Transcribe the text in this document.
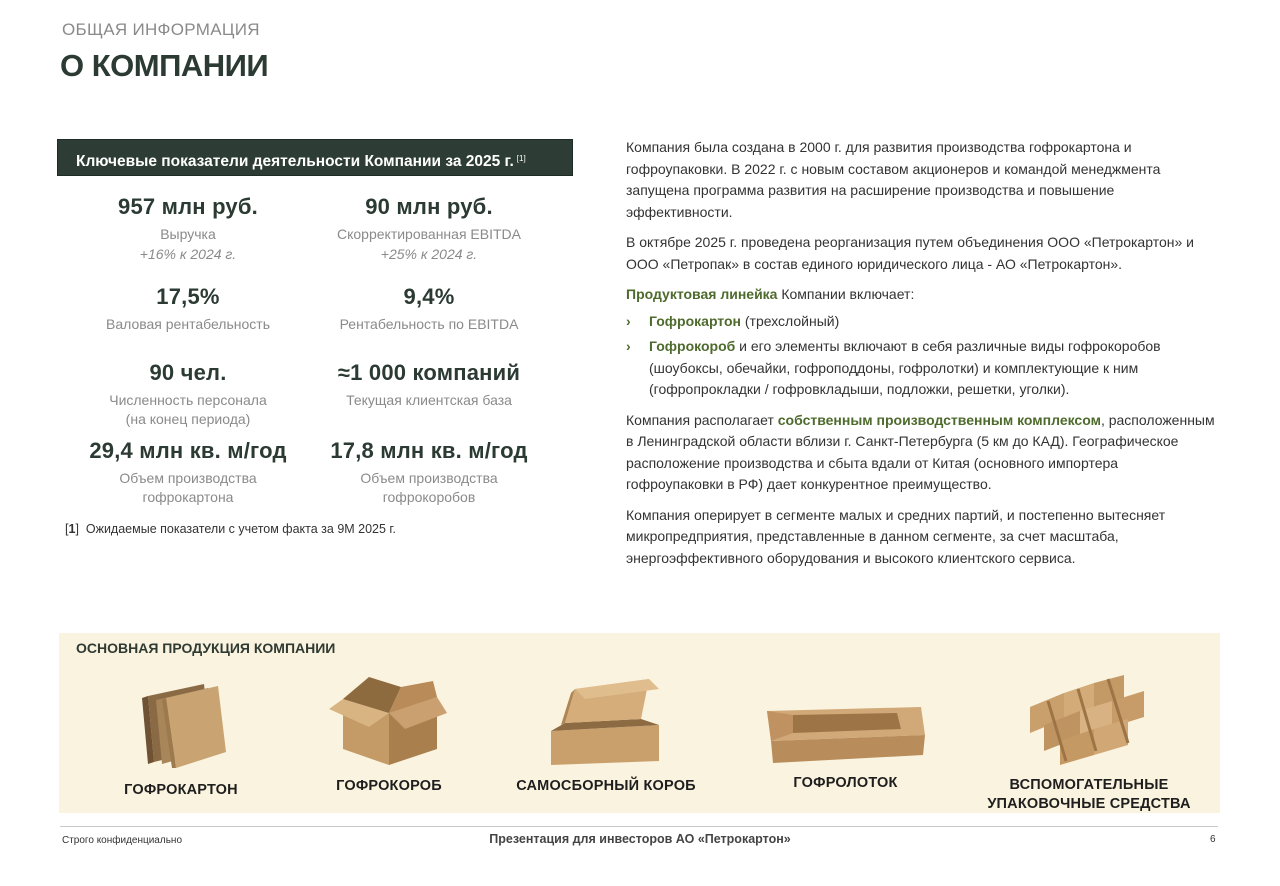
ОБЩАЯ ИНФОРМАЦИЯ
О КОМПАНИИ
Ключевые показатели деятельности Компании за 2025 г. [1]
957 млн руб.
Выручка
+16% к 2024 г.
90 млн руб.
Скорректированная EBITDA
+25% к 2024 г.
17,5%
Валовая рентабельность
9,4%
Рентабельность по EBITDA
90 чел.
Численность персонала
(на конец периода)
≈1 000 компаний
Текущая клиентская база
29,4 млн кв. м/год
Объем производства
гофрокартона
17,8 млн кв. м/год
Объем производства
гофрокоробов
[1]  Ожидаемые показатели с учетом факта за 9М 2025 г.

Компания была создана в 2000 г. для развития производства гофрокартона и гофроупаковки. В 2022 г. с новым составом акционеров и командой менеджмента запущена программа развития на расширение производства и повышение эффективности.

В октябре 2025 г. проведена реорганизация путем объединения ООО «Петрокартон» и ООО «Петропак» в состав единого юридического лица - АО «Петрокартон».

Продуктовая линейка Компании включает:

›	Гофрокартон (трехслойный)
›	Гофрокороб и его элементы включают в себя различные виды гофрокоробов (шоубоксы, обечайки, гофроподдоны, гофролотки) и комплектующие к ним (гофропрокладки / гофровкладыши, подложки, решетки, уголки).

Компания располагает собственным производственным комплексом, расположенным в Ленинградской области вблизи г. Санкт-Петербурга (5 км до КАД). Географическое расположение производства и сбыта вдали от Китая (основного импортера гофроупаковки в РФ) дает конкурентное преимущество.

Компания оперирует в сегменте малых и средних партий, и постепенно вытесняет микропредприятия, представленные в данном сегменте, за счет масштаба, энергоэффективного оборудования и высокого клиентского сервиса.

ОСНОВНАЯ ПРОДУКЦИЯ КОМПАНИИ
ГОФРОКАРТОН	ГОФРОКОРОБ	САМОСБОРНЫЙ КОРОБ	ГОФРОЛОТОК	ВСПОМОГАТЕЛЬНЫЕ
УПАКОВОЧНЫЕ СРЕДСТВА
Строго конфиденциально	Презентация для инвесторов АО «Петрокартон»	6
